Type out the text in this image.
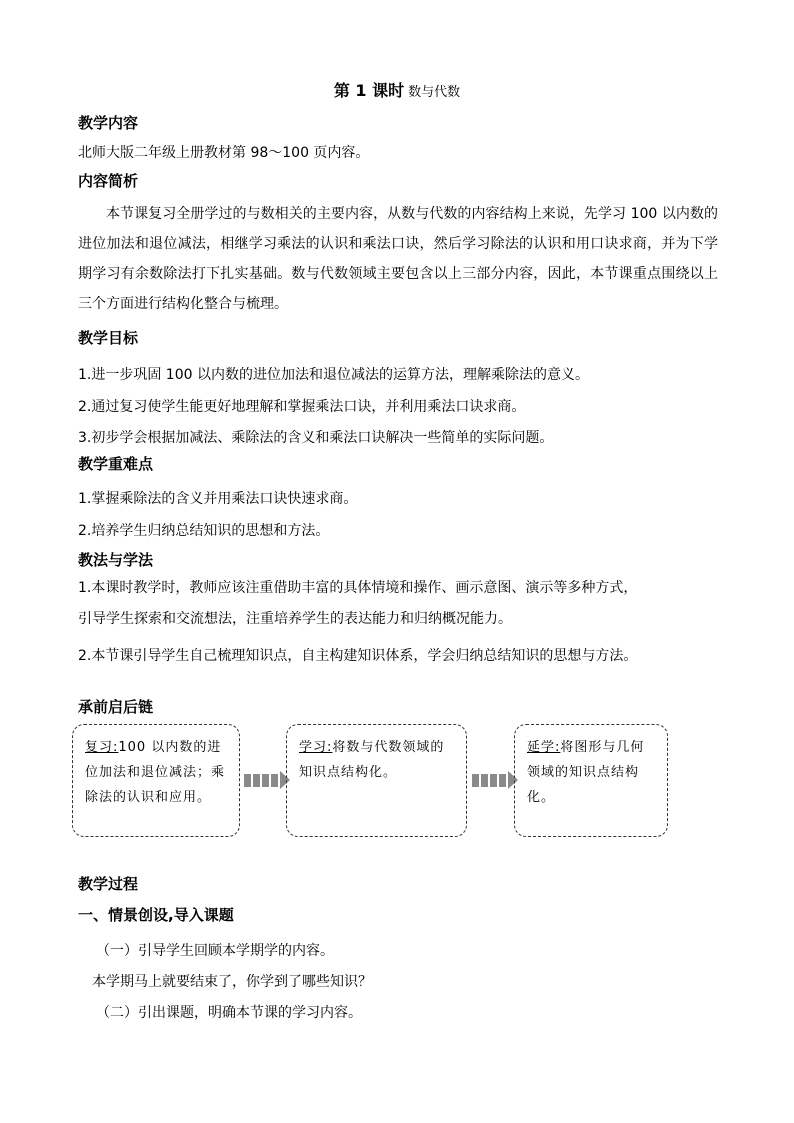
第 1 课时 数与代数
教学内容
北师大版二年级上册教材第 98～100 页内容。
内容简析
本节课复习全册学过的与数相关的主要内容，从数与代数的内容结构上来说，先学习 100 以内数的进位加法和退位减法，相继学习乘法的认识和乘法口诀，然后学习除法的认识和用口诀求商，并为下学期学习有余数除法打下扎实基础。数与代数领域主要包含以上三部分内容，因此，本节课重点围绕以上三个方面进行结构化整合与梳理。
教学目标
1.进一步巩固 100 以内数的进位加法和退位减法的运算方法，理解乘除法的意义。
2.通过复习使学生能更好地理解和掌握乘法口诀，并利用乘法口诀求商。
3.初步学会根据加减法、乘除法的含义和乘法口诀解决一些简单的实际问题。
教学重难点
1.掌握乘除法的含义并用乘法口诀快速求商。
2.培养学生归纳总结知识的思想和方法。
教法与学法
1.本课时教学时，教师应该注重借助丰富的具体情境和操作、画示意图、演示等多种方式，
引导学生探索和交流想法，注重培养学生的表达能力和归纳概况能力。
2.本节课引导学生自己梳理知识点，自主构建知识体系，学会归纳总结知识的思想与方法。
承前启后链
复习:100 以内数的进位加法和退位减法；乘除法的认识和应用。
学习:将数与代数领域的知识点结构化。
延学:将图形与几何领域的知识点结构化。
教学过程
一、情景创设,导入课题
（一）引导学生回顾本学期学的内容。
本学期马上就要结束了，你学到了哪些知识？
（二）引出课题，明确本节课的学习内容。
